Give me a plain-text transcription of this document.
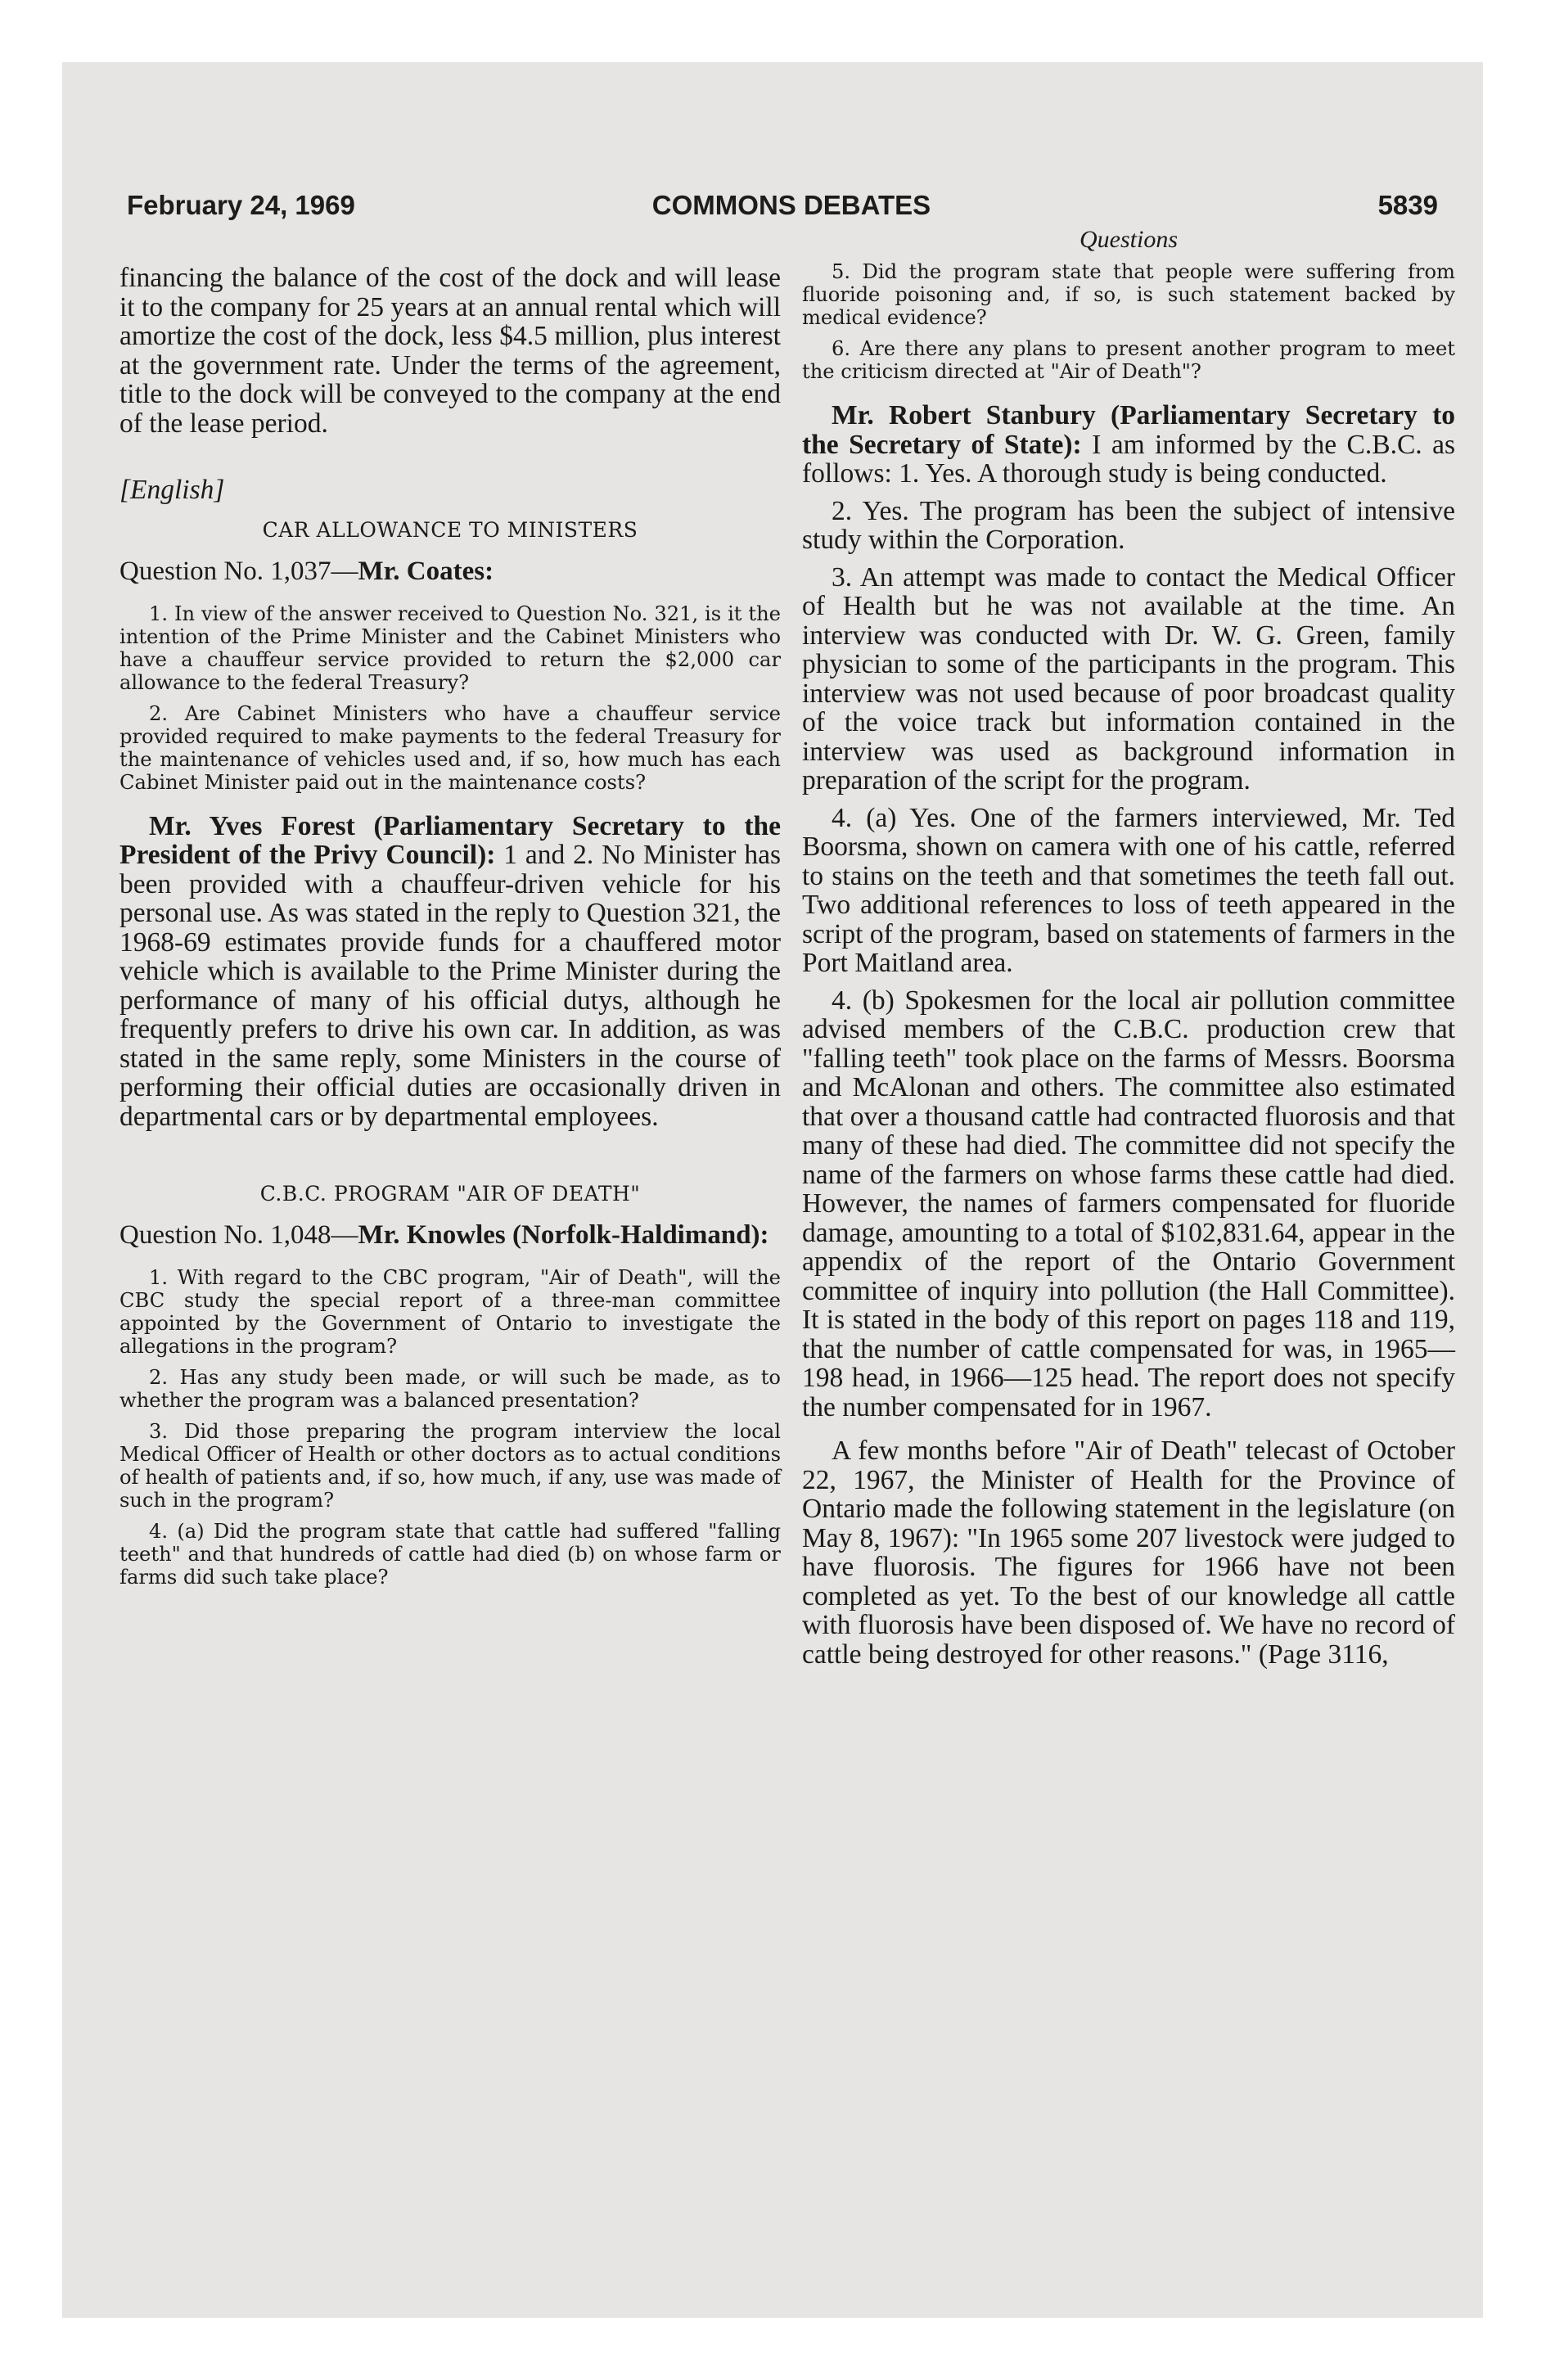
February 24, 1969	COMMONS DEBATES	5839

financing the balance of the cost of the dock and will lease it to the company for 25 years at an annual rental which will amortize the cost of the dock, less $4.5 million, plus interest at the government rate. Under the terms of the agreement, title to the dock will be conveyed to the company at the end of the lease period.

[English]

CAR ALLOWANCE TO MINISTERS

Question No. 1,037—Mr. Coates:

1. In view of the answer received to Question No. 321, is it the intention of the Prime Minister and the Cabinet Ministers who have a chauffeur service provided to return the $2,000 car allowance to the federal Treasury?

2. Are Cabinet Ministers who have a chauffeur service provided required to make payments to the federal Treasury for the maintenance of vehicles used and, if so, how much has each Cabinet Minister paid out in the maintenance costs?

Mr. Yves Forest (Parliamentary Secretary to the President of the Privy Council): 1 and 2. No Minister has been provided with a chauffeur-driven vehicle for his personal use. As was stated in the reply to Question 321, the 1968-69 estimates provide funds for a chauffered motor vehicle which is available to the Prime Minister during the performance of many of his official dutys, although he frequently prefers to drive his own car. In addition, as was stated in the same reply, some Ministers in the course of performing their official duties are occasionally driven in departmental cars or by departmental employees.

C.B.C. PROGRAM "AIR OF DEATH"

Question No. 1,048—Mr. Knowles (Norfolk-Haldimand):

1. With regard to the CBC program, "Air of Death", will the CBC study the special report of a three-man committee appointed by the Government of Ontario to investigate the allegations in the program?

2. Has any study been made, or will such be made, as to whether the program was a balanced presentation?

3. Did those preparing the program interview the local Medical Officer of Health or other doctors as to actual conditions of health of patients and, if so, how much, if any, use was made of such in the program?

4. (a) Did the program state that cattle had suffered "falling teeth" and that hundreds of cattle had died (b) on whose farm or farms did such take place?

Questions

5. Did the program state that people were suffering from fluoride poisoning and, if so, is such statement backed by medical evidence?

6. Are there any plans to present another program to meet the criticism directed at "Air of Death"?

Mr. Robert Stanbury (Parliamentary Secretary to the Secretary of State): I am informed by the C.B.C. as follows: 1. Yes. A thorough study is being conducted.

2. Yes. The program has been the subject of intensive study within the Corporation.

3. An attempt was made to contact the Medical Officer of Health but he was not available at the time. An interview was conducted with Dr. W. G. Green, family physician to some of the participants in the program. This interview was not used because of poor broadcast quality of the voice track but information contained in the interview was used as background information in preparation of the script for the program.

4. (a) Yes. One of the farmers interviewed, Mr. Ted Boorsma, shown on camera with one of his cattle, referred to stains on the teeth and that sometimes the teeth fall out. Two additional references to loss of teeth appeared in the script of the program, based on statements of farmers in the Port Maitland area.

4. (b) Spokesmen for the local air pollution committee advised members of the C.B.C. production crew that "falling teeth" took place on the farms of Messrs. Boorsma and McAlonan and others. The committee also estimated that over a thousand cattle had contracted fluorosis and that many of these had died. The committee did not specify the name of the farmers on whose farms these cattle had died. However, the names of farmers compensated for fluoride damage, amounting to a total of $102,831.64, appear in the appendix of the report of the Ontario Government committee of inquiry into pollution (the Hall Committee). It is stated in the body of this report on pages 118 and 119, that the number of cattle compensated for was, in 1965—198 head, in 1966—125 head. The report does not specify the number compensated for in 1967.

A few months before "Air of Death" telecast of October 22, 1967, the Minister of Health for the Province of Ontario made the following statement in the legislature (on May 8, 1967): "In 1965 some 207 livestock were judged to have fluorosis. The figures for 1966 have not been completed as yet. To the best of our knowledge all cattle with fluorosis have been disposed of. We have no record of cattle being destroyed for other reasons." (Page 3116,
